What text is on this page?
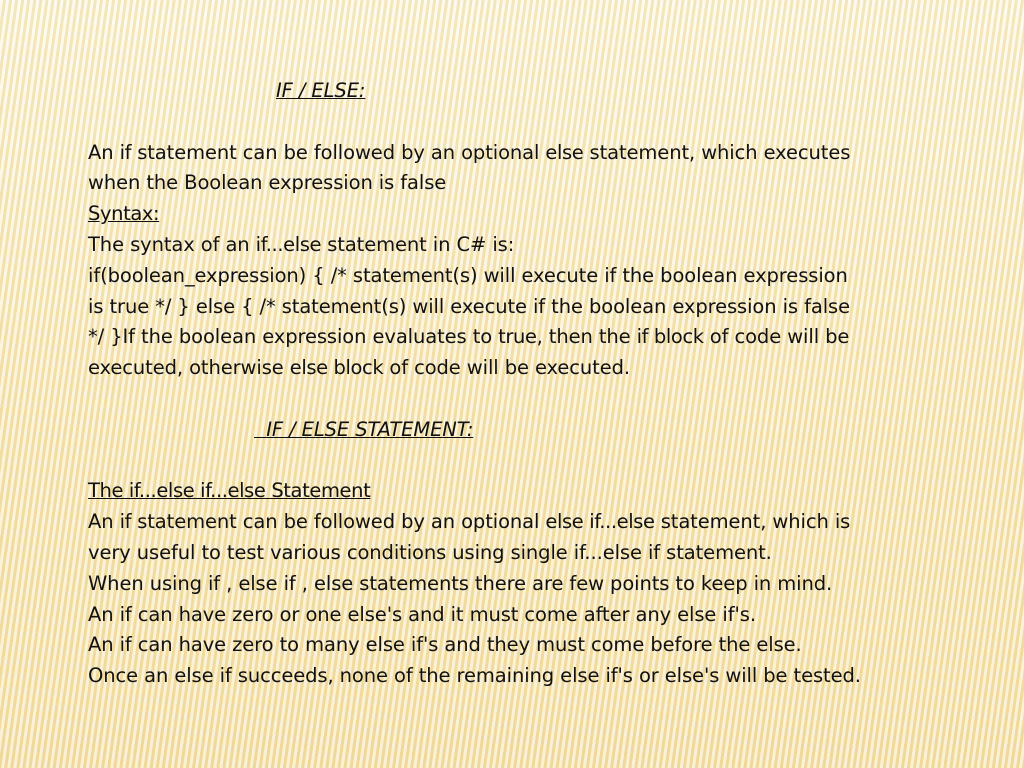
IF / ELSE:
An if statement can be followed by an optional else statement, which executes
when the Boolean expression is false
Syntax:
The syntax of an if...else statement in C# is:
if(boolean_expression) { /* statement(s) will execute if the boolean expression
is true */ } else { /* statement(s) will execute if the boolean expression is false
*/ }If the boolean expression evaluates to true, then the if block of code will be
executed, otherwise else block of code will be executed.
IF / ELSE STATEMENT:
The if...else if...else Statement
An if statement can be followed by an optional else if...else statement, which is
very useful to test various conditions using single if...else if statement.
When using if , else if , else statements there are few points to keep in mind.
An if can have zero or one else's and it must come after any else if's.
An if can have zero to many else if's and they must come before the else.
Once an else if succeeds, none of the remaining else if's or else's will be tested.
